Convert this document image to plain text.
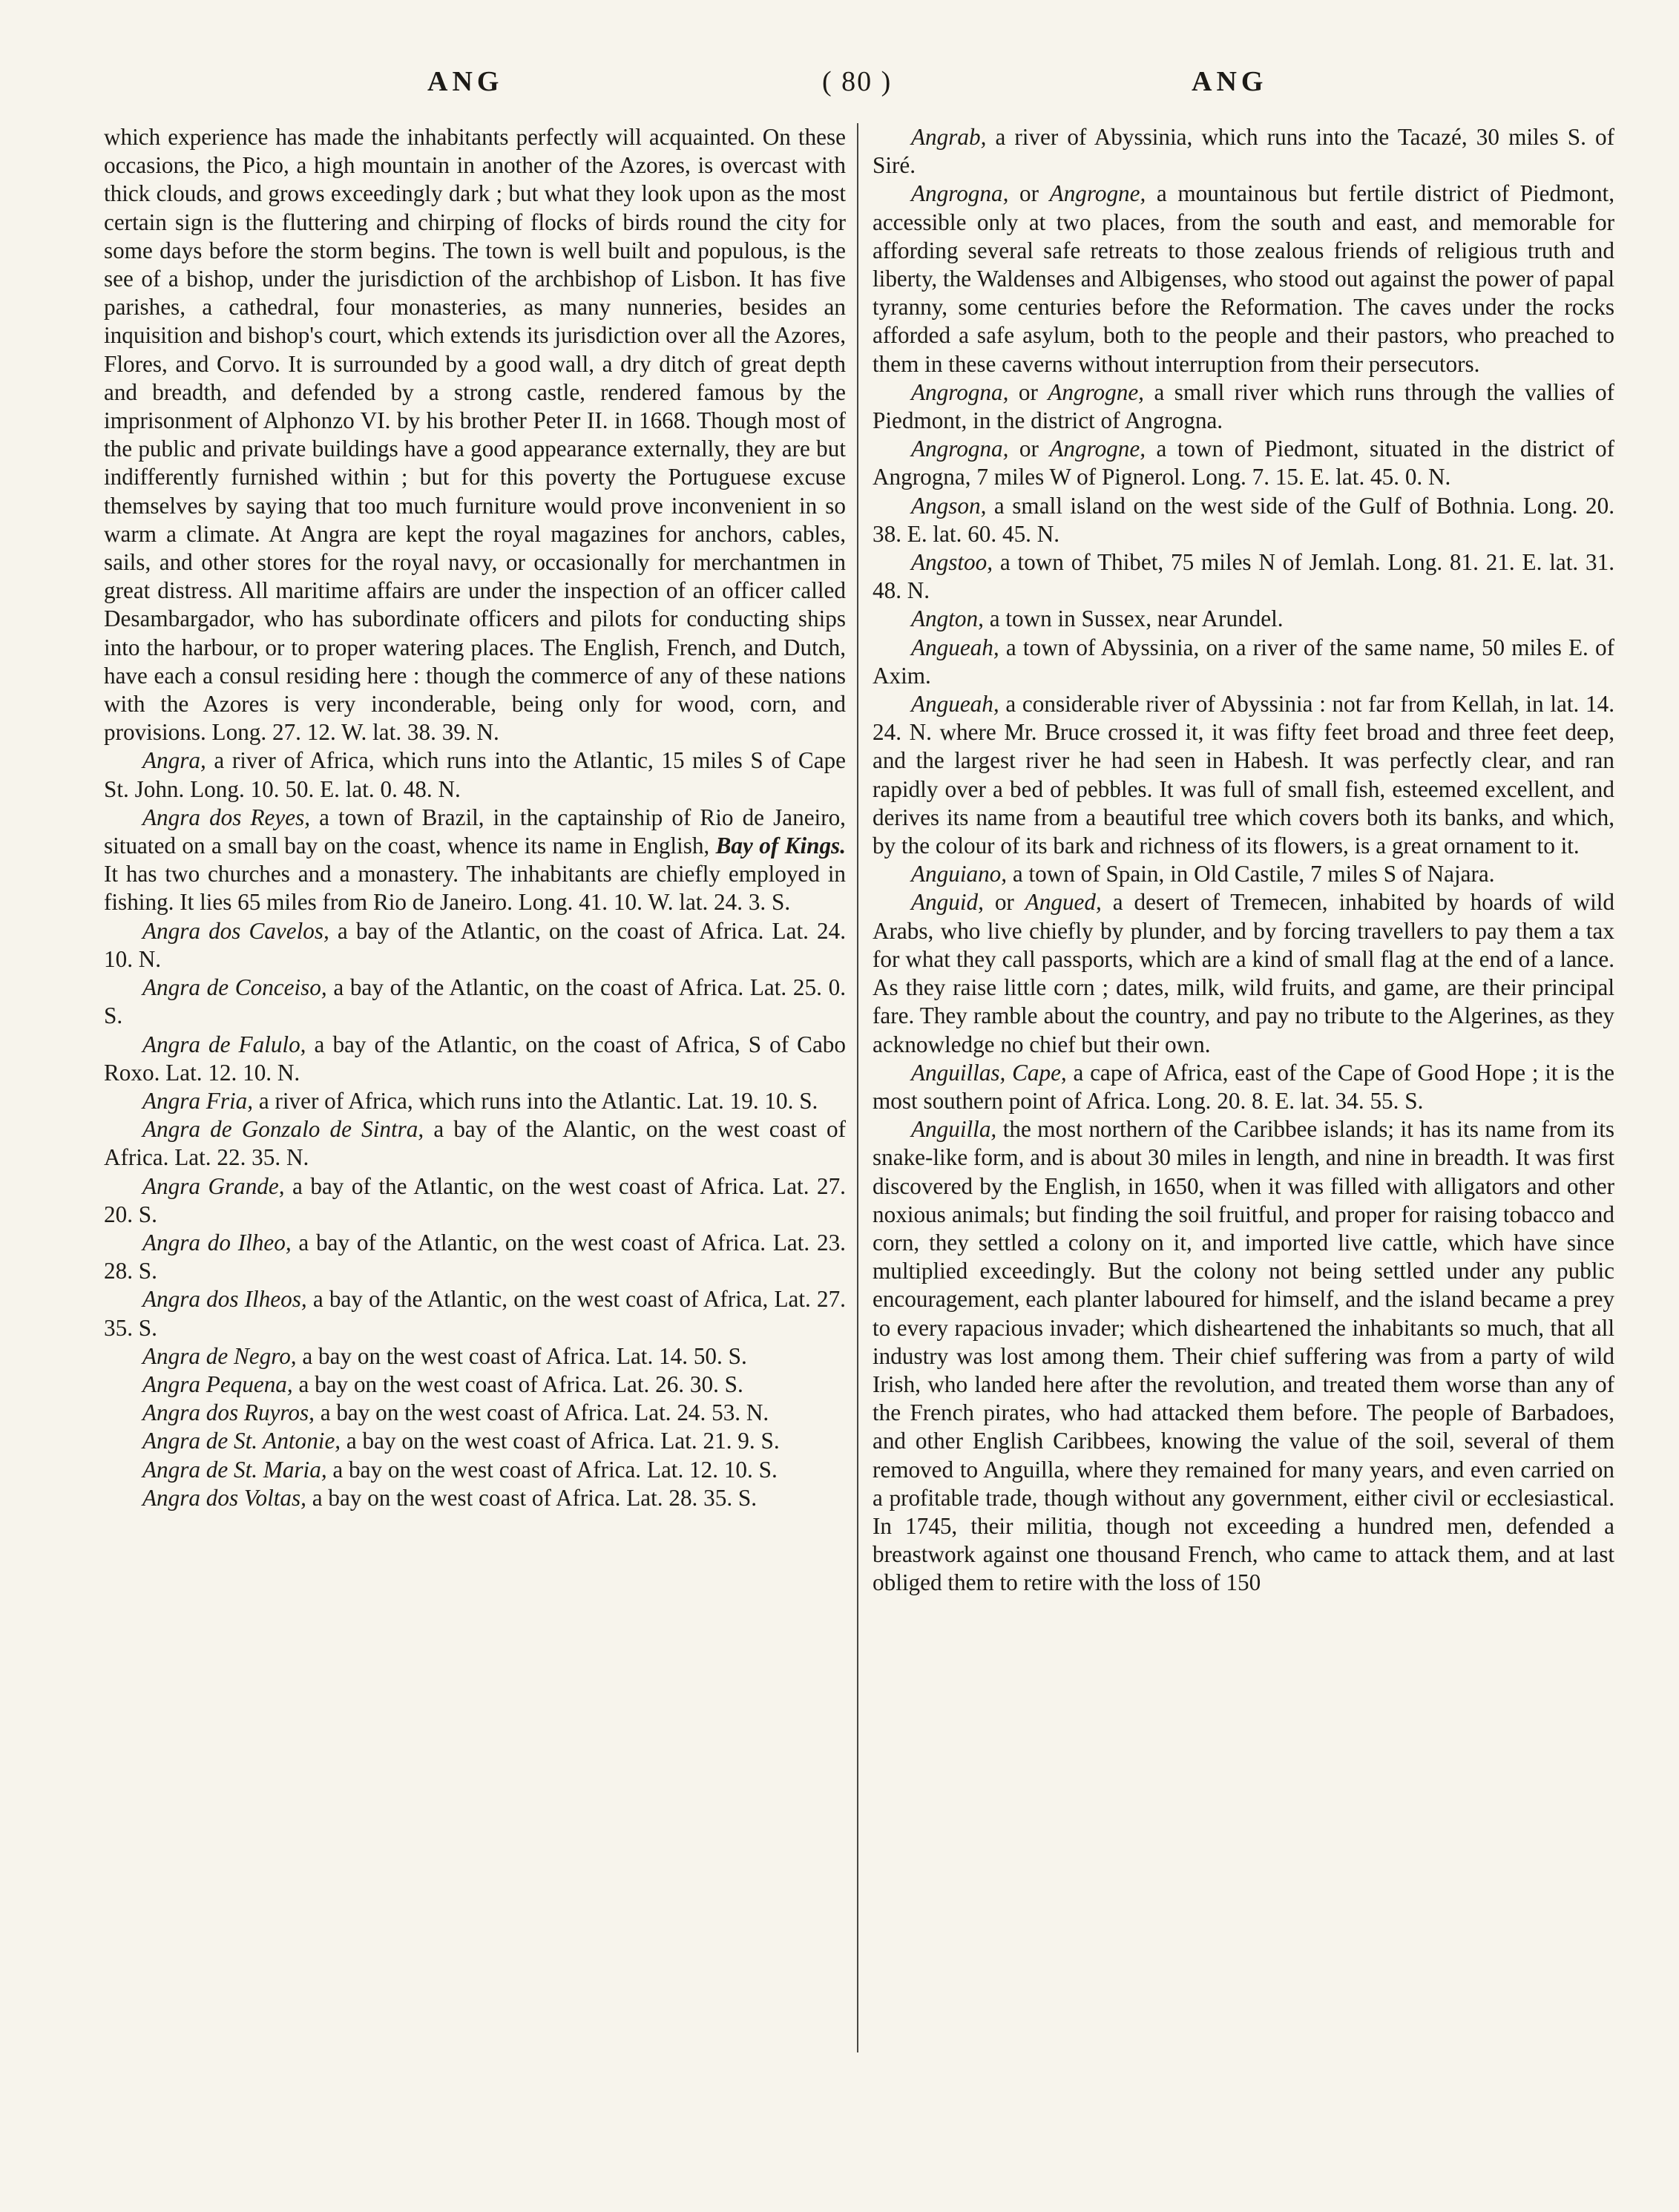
ANG	( 80 )	ANG

which experience has made the inhabitants perfectly will acquainted. On these occasions, the Pico, a high mountain in another of the Azores, is overcast with thick clouds, and grows exceedingly dark ; but what they look upon as the most certain sign is the fluttering and chirping of flocks of birds round the city for some days before the storm begins. The town is well built and populous, is the see of a bishop, under the jurisdiction of the archbishop of Lisbon. It has five parishes, a cathedral, four monasteries, as many nunneries, besides an inquisition and bishop's court, which extends its jurisdiction over all the Azores, Flores, and Corvo. It is surrounded by a good wall, a dry ditch of great depth and breadth, and defended by a strong castle, rendered famous by the imprisonment of Alphonzo VI. by his brother Peter II. in 1668. Though most of the public and private buildings have a good appearance externally, they are but indifferently furnished within ; but for this poverty the Portuguese excuse themselves by saying that too much furniture would prove inconvenient in so warm a climate. At Angra are kept the royal magazines for anchors, cables, sails, and other stores for the royal navy, or occasionally for merchantmen in great distress. All maritime affairs are under the inspection of an officer called Desambargador, who has subordinate officers and pilots for conducting ships into the harbour, or to proper watering places. The English, French, and Dutch, have each a consul residing here : though the commerce of any of these nations with the Azores is very inconderable, being only for wood, corn, and provisions. Long. 27. 12. W. lat. 38. 39. N.

Angra, a river of Africa, which runs into the Atlantic, 15 miles S of Cape St. John. Long. 10. 50. E. lat. 0. 48. N.

Angra dos Reyes, a town of Brazil, in the captainship of Rio de Janeiro, situated on a small bay on the coast, whence its name in English, Bay of Kings. It has two churches and a monastery. The inhabitants are chiefly employed in fishing. It lies 65 miles from Rio de Janeiro. Long. 41. 10. W. lat. 24. 3. S.

Angra dos Cavelos, a bay of the Atlantic, on the coast of Africa. Lat. 24. 10. N.

Angra de Conceiso, a bay of the Atlantic, on the coast of Africa. Lat. 25. 0. S.

Angra de Falulo, a bay of the Atlantic, on the coast of Africa, S of Cabo Roxo. Lat. 12. 10. N.

Angra Fria, a river of Africa, which runs into the Atlantic. Lat. 19. 10. S.

Angra de Gonzalo de Sintra, a bay of the Alantic, on the west coast of Africa. Lat. 22. 35. N.

Angra Grande, a bay of the Atlantic, on the west coast of Africa. Lat. 27. 20. S.

Angra do Ilheo, a bay of the Atlantic, on the west coast of Africa. Lat. 23. 28. S.

Angra dos Ilheos, a bay of the Atlantic, on the west coast of Africa, Lat. 27. 35. S.

Angra de Negro, a bay on the west coast of Africa. Lat. 14. 50. S.

Angra Pequena, a bay on the west coast of Africa. Lat. 26. 30. S.

Angra dos Ruyros, a bay on the west coast of Africa. Lat. 24. 53. N.

Angra de St. Antonie, a bay on the west coast of Africa. Lat. 21. 9. S.

Angra de St. Maria, a bay on the west coast of Africa. Lat. 12. 10. S.

Angra dos Voltas, a bay on the west coast of Africa. Lat. 28. 35. S.

Angrab, a river of Abyssinia, which runs into the Tacazé, 30 miles S. of Siré.

Angrogna, or Angrogne, a mountainous but fertile district of Piedmont, accessible only at two places, from the south and east, and memorable for affording several safe retreats to those zealous friends of religious truth and liberty, the Waldenses and Albigenses, who stood out against the power of papal tyranny, some centuries before the Reformation. The caves under the rocks afforded a safe asylum, both to the people and their pastors, who preached to them in these caverns without interruption from their persecutors.

Angrogna, or Angrogne, a small river which runs through the vallies of Piedmont, in the district of Angrogna.

Angrogna, or Angrogne, a town of Piedmont, situated in the district of Angrogna, 7 miles W of Pignerol. Long. 7. 15. E. lat. 45. 0. N.

Angson, a small island on the west side of the Gulf of Bothnia. Long. 20. 38. E. lat. 60. 45. N.

Angstoo, a town of Thibet, 75 miles N of Jemlah. Long. 81. 21. E. lat. 31. 48. N.

Angton, a town in Sussex, near Arundel.

Angueah, a town of Abyssinia, on a river of the same name, 50 miles E. of Axim.

Angueah, a considerable river of Abyssinia : not far from Kellah, in lat. 14. 24. N. where Mr. Bruce crossed it, it was fifty feet broad and three feet deep, and the largest river he had seen in Habesh. It was perfectly clear, and ran rapidly over a bed of pebbles. It was full of small fish, esteemed excellent, and derives its name from a beautiful tree which covers both its banks, and which, by the colour of its bark and richness of its flowers, is a great ornament to it.

Anguiano, a town of Spain, in Old Castile, 7 miles S of Najara.

Anguid, or Angued, a desert of Tremecen, inhabited by hoards of wild Arabs, who live chiefly by plunder, and by forcing travellers to pay them a tax for what they call passports, which are a kind of small flag at the end of a lance. As they raise little corn ; dates, milk, wild fruits, and game, are their principal fare. They ramble about the country, and pay no tribute to the Algerines, as they acknowledge no chief but their own.

Anguillas, Cape, a cape of Africa, east of the Cape of Good Hope ; it is the most southern point of Africa. Long. 20. 8. E. lat. 34. 55. S.

Anguilla, the most northern of the Caribbee islands; it has its name from its snake-like form, and is about 30 miles in length, and nine in breadth. It was first discovered by the English, in 1650, when it was filled with alligators and other noxious animals; but finding the soil fruitful, and proper for raising tobacco and corn, they settled a colony on it, and imported live cattle, which have since multiplied exceedingly. But the colony not being settled under any public encouragement, each planter laboured for himself, and the island became a prey to every rapacious invader; which disheartened the inhabitants so much, that all industry was lost among them. Their chief suffering was from a party of wild Irish, who landed here after the revolution, and treated them worse than any of the French pirates, who had attacked them before. The people of Barbadoes, and other English Caribbees, knowing the value of the soil, several of them removed to Anguilla, where they remained for many years, and even carried on a profitable trade, though without any government, either civil or ecclesiastical. In 1745, their militia, though not exceeding a hundred men, defended a breastwork against one thousand French, who came to attack them, and at last obliged them to retire with the loss of 150
